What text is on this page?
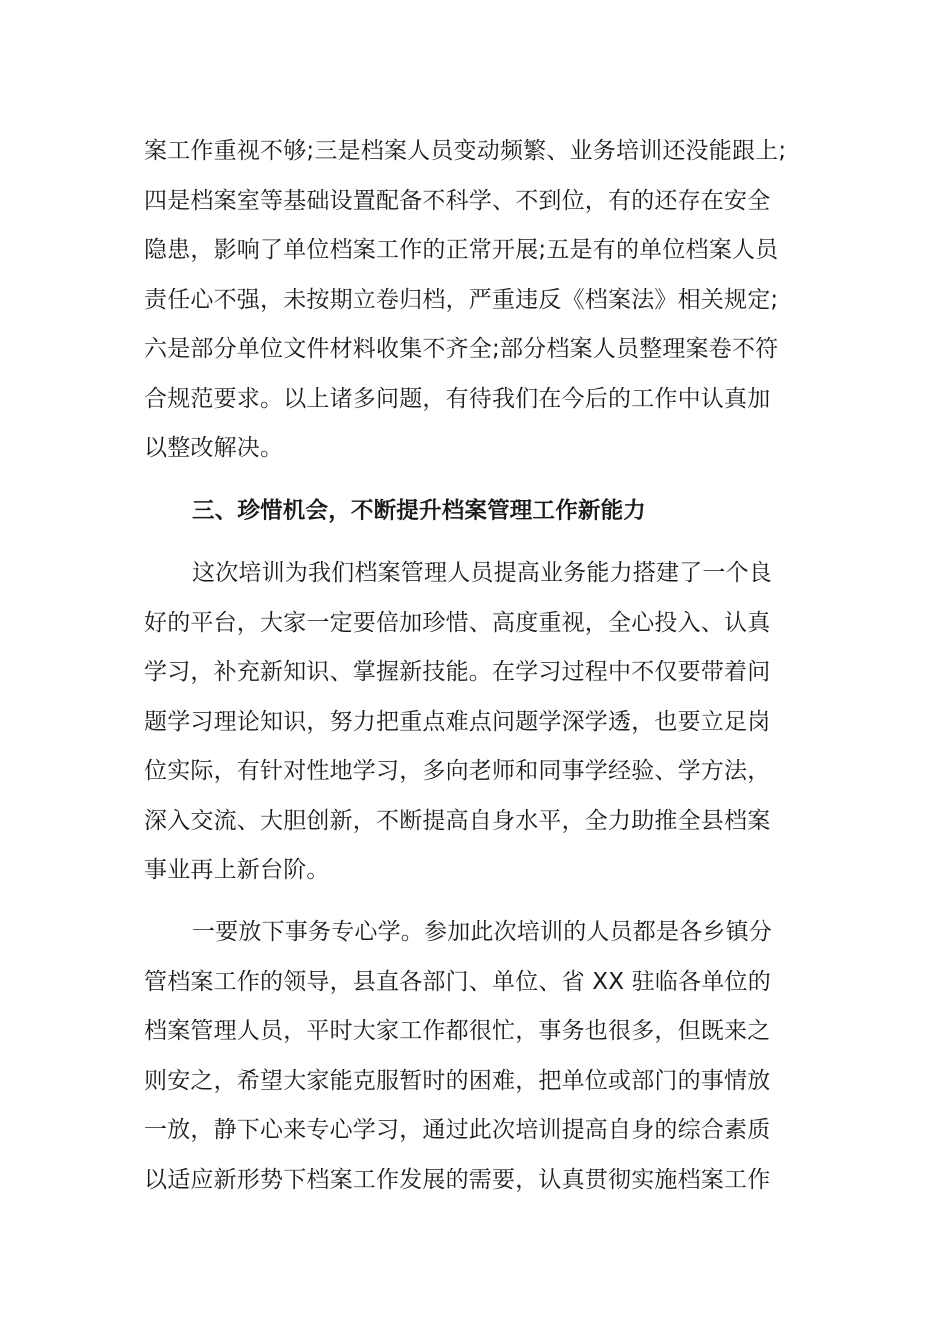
案工作重视不够;三是档案人员变动频繁、业务培训还没能跟上;
四是档案室等基础设置配备不科学、不到位，有的还存在安全
隐患，影响了单位档案工作的正常开展;五是有的单位档案人员
责任心不强，未按期立卷归档，严重违反《档案法》相关规定;
六是部分单位文件材料收集不齐全;部分档案人员整理案卷不符
合规范要求。以上诸多问题，有待我们在今后的工作中认真加
以整改解决。
三、珍惜机会，不断提升档案管理工作新能力
这次培训为我们档案管理人员提高业务能力搭建了一个良
好的平台，大家一定要倍加珍惜、高度重视，全心投入、认真
学习，补充新知识、掌握新技能。在学习过程中不仅要带着问
题学习理论知识，努力把重点难点问题学深学透，也要立足岗
位实际，有针对性地学习，多向老师和同事学经验、学方法，
深入交流、大胆创新，不断提高自身水平，全力助推全县档案
事业再上新台阶。
一要放下事务专心学。参加此次培训的人员都是各乡镇分
管档案工作的领导，县直各部门、单位、省 XX 驻临各单位的
档案管理人员，平时大家工作都很忙，事务也很多，但既来之
则安之，希望大家能克服暂时的困难，把单位或部门的事情放
一放，静下心来专心学习，通过此次培训提高自身的综合素质
以适应新形势下档案工作发展的需要，认真贯彻实施档案工作
